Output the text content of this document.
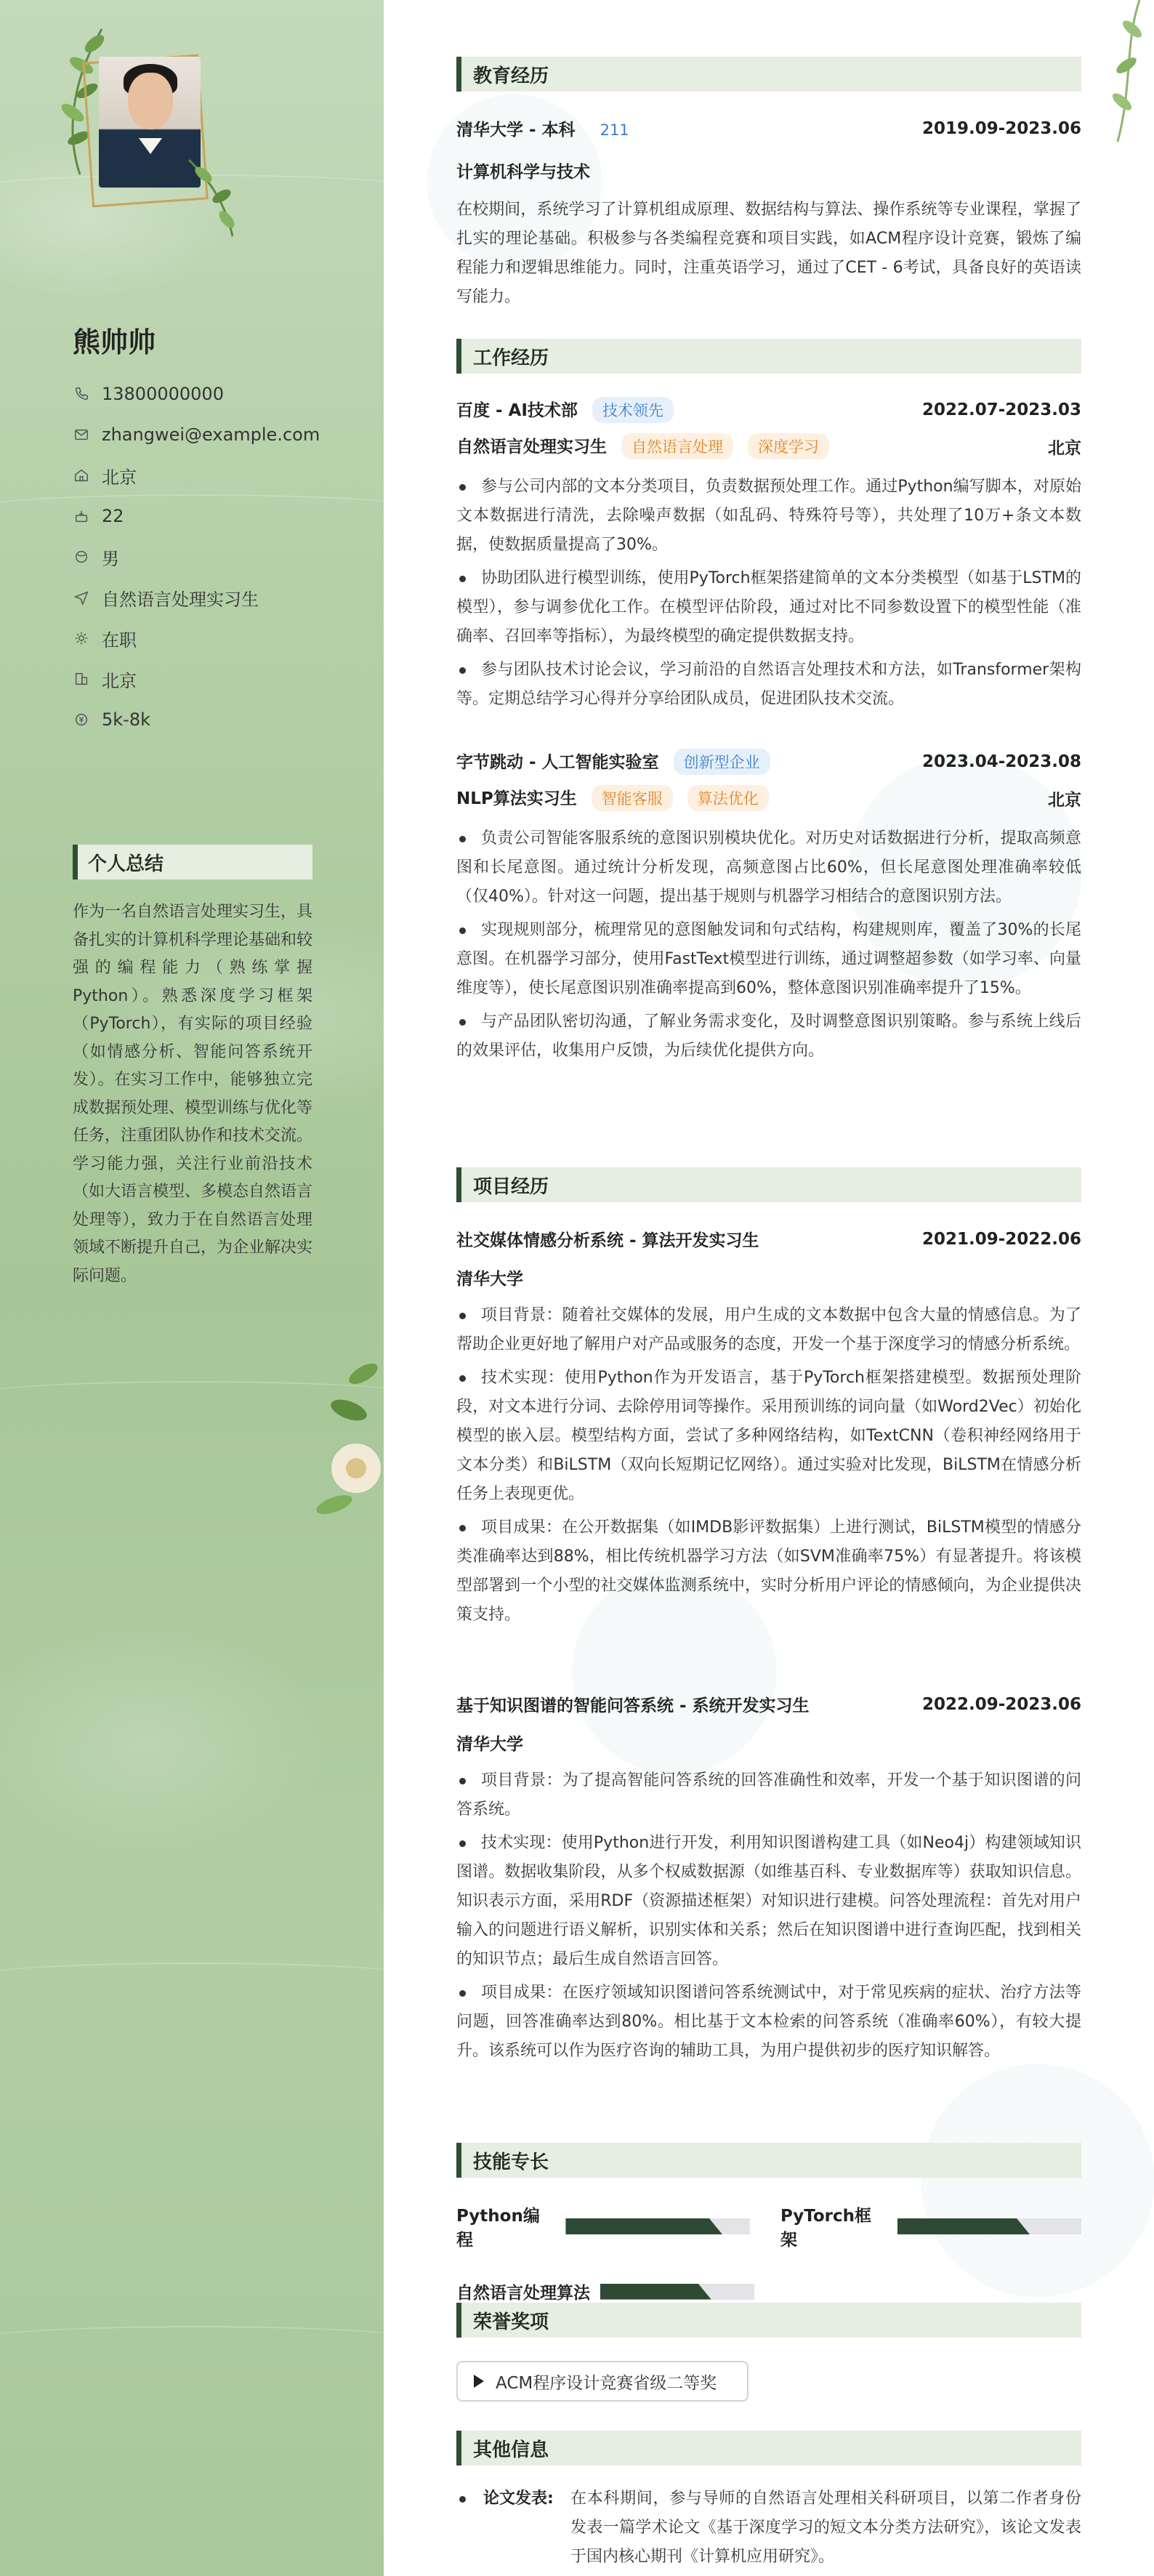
熊帅帅
13800000000
zhangwei@example.com
北京
22
男
自然语言处理实习生
在职
北京
5k-8k
个人总结
作为一名自然语言处理实习生，具备扎实的计算机科学理论基础和较强的编程能力（熟练掌握Python）。熟悉深度学习框架（PyTorch），有实际的项目经验（如情感分析、智能问答系统开发）。在实习工作中，能够独立完成数据预处理、模型训练与优化等任务，注重团队协作和技术交流。学习能力强，关注行业前沿技术（如大语言模型、多模态自然语言处理等），致力于在自然语言处理领域不断提升自己，为企业解决实际问题。
教育经历
清华大学 - 本科 211	2019.09-2023.06
计算机科学与技术
在校期间，系统学习了计算机组成原理、数据结构与算法、操作系统等专业课程，掌握了扎实的理论基础。积极参与各类编程竞赛和项目实践，如ACM程序设计竞赛，锻炼了编程能力和逻辑思维能力。同时，注重英语学习，通过了CET - 6考试，具备良好的英语读写能力。
工作经历
百度 - AI技术部 技术领先	2022.07-2023.03
自然语言处理实习生 自然语言处理 深度学习	北京
参与公司内部的文本分类项目，负责数据预处理工作。通过Python编写脚本，对原始文本数据进行清洗，去除噪声数据（如乱码、特殊符号等），共处理了10万+条文本数据，使数据质量提高了30%。
协助团队进行模型训练，使用PyTorch框架搭建简单的文本分类模型（如基于LSTM的模型），参与调参优化工作。在模型评估阶段，通过对比不同参数设置下的模型性能（准确率、召回率等指标），为最终模型的确定提供数据支持。
参与团队技术讨论会议，学习前沿的自然语言处理技术和方法，如Transformer架构等。定期总结学习心得并分享给团队成员，促进团队技术交流。
字节跳动 - 人工智能实验室 创新型企业	2023.04-2023.08
NLP算法实习生 智能客服 算法优化	北京
负责公司智能客服系统的意图识别模块优化。对历史对话数据进行分析，提取高频意图和长尾意图。通过统计分析发现，高频意图占比60%，但长尾意图处理准确率较低（仅40%）。针对这一问题，提出基于规则与机器学习相结合的意图识别方法。
实现规则部分，梳理常见的意图触发词和句式结构，构建规则库，覆盖了30%的长尾意图。在机器学习部分，使用FastText模型进行训练，通过调整超参数（如学习率、向量维度等），使长尾意图识别准确率提高到60%，整体意图识别准确率提升了15%。
与产品团队密切沟通，了解业务需求变化，及时调整意图识别策略。参与系统上线后的效果评估，收集用户反馈，为后续优化提供方向。
项目经历
社交媒体情感分析系统 - 算法开发实习生	2021.09-2022.06
清华大学
项目背景：随着社交媒体的发展，用户生成的文本数据中包含大量的情感信息。为了帮助企业更好地了解用户对产品或服务的态度，开发一个基于深度学习的情感分析系统。
技术实现：使用Python作为开发语言，基于PyTorch框架搭建模型。数据预处理阶段，对文本进行分词、去除停用词等操作。采用预训练的词向量（如Word2Vec）初始化模型的嵌入层。模型结构方面，尝试了多种网络结构，如TextCNN（卷积神经网络用于文本分类）和BiLSTM（双向长短期记忆网络）。通过实验对比发现，BiLSTM在情感分析任务上表现更优。
项目成果：在公开数据集（如IMDB影评数据集）上进行测试，BiLSTM模型的情感分类准确率达到88%，相比传统机器学习方法（如SVM准确率75%）有显著提升。将该模型部署到一个小型的社交媒体监测系统中，实时分析用户评论的情感倾向，为企业提供决策支持。
基于知识图谱的智能问答系统 - 系统开发实习生	2022.09-2023.06
清华大学
项目背景：为了提高智能问答系统的回答准确性和效率，开发一个基于知识图谱的问答系统。
技术实现：使用Python进行开发，利用知识图谱构建工具（如Neo4j）构建领域知识图谱。数据收集阶段，从多个权威数据源（如维基百科、专业数据库等）获取知识信息。知识表示方面，采用RDF（资源描述框架）对知识进行建模。问答处理流程：首先对用户输入的问题进行语义解析，识别实体和关系；然后在知识图谱中进行查询匹配，找到相关的知识节点；最后生成自然语言回答。
项目成果：在医疗领域知识图谱问答系统测试中，对于常见疾病的症状、治疗方法等问题，回答准确率达到80%。相比基于文本检索的问答系统（准确率60%），有较大提升。该系统可以作为医疗咨询的辅助工具，为用户提供初步的医疗知识解答。
技能专长
Python编程
PyTorch框架
自然语言处理算法
荣誉奖项
ACM程序设计竞赛省级二等奖
其他信息
论文发表:	在本科期间，参与导师的自然语言处理相关科研项目，以第二作者身份发表一篇学术论文《基于深度学习的短文本分类方法研究》，该论文发表于国内核心期刊《计算机应用研究》。
